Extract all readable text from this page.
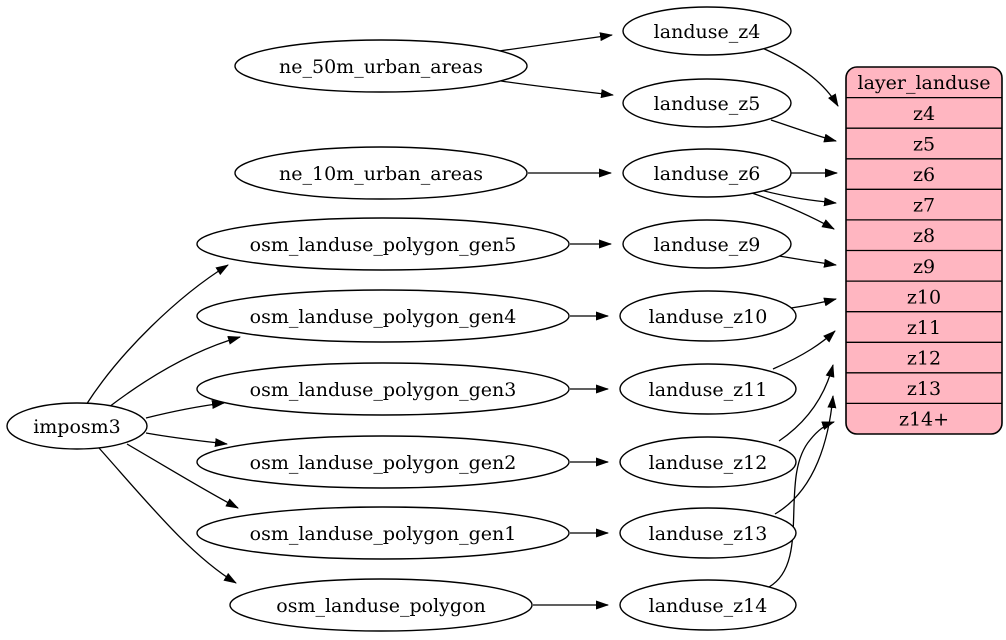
imposm3
ne_50m_urban_areas
ne_10m_urban_areas
osm_landuse_polygon_gen5
osm_landuse_polygon_gen4
osm_landuse_polygon_gen3
osm_landuse_polygon_gen2
osm_landuse_polygon_gen1
osm_landuse_polygon
landuse_z4
landuse_z5
landuse_z6
landuse_z9
landuse_z10
landuse_z11
landuse_z12
landuse_z13
landuse_z14
layer_landuse
z4
z5
z6
z7
z8
z9
z10
z11
z12
z13
z14+
